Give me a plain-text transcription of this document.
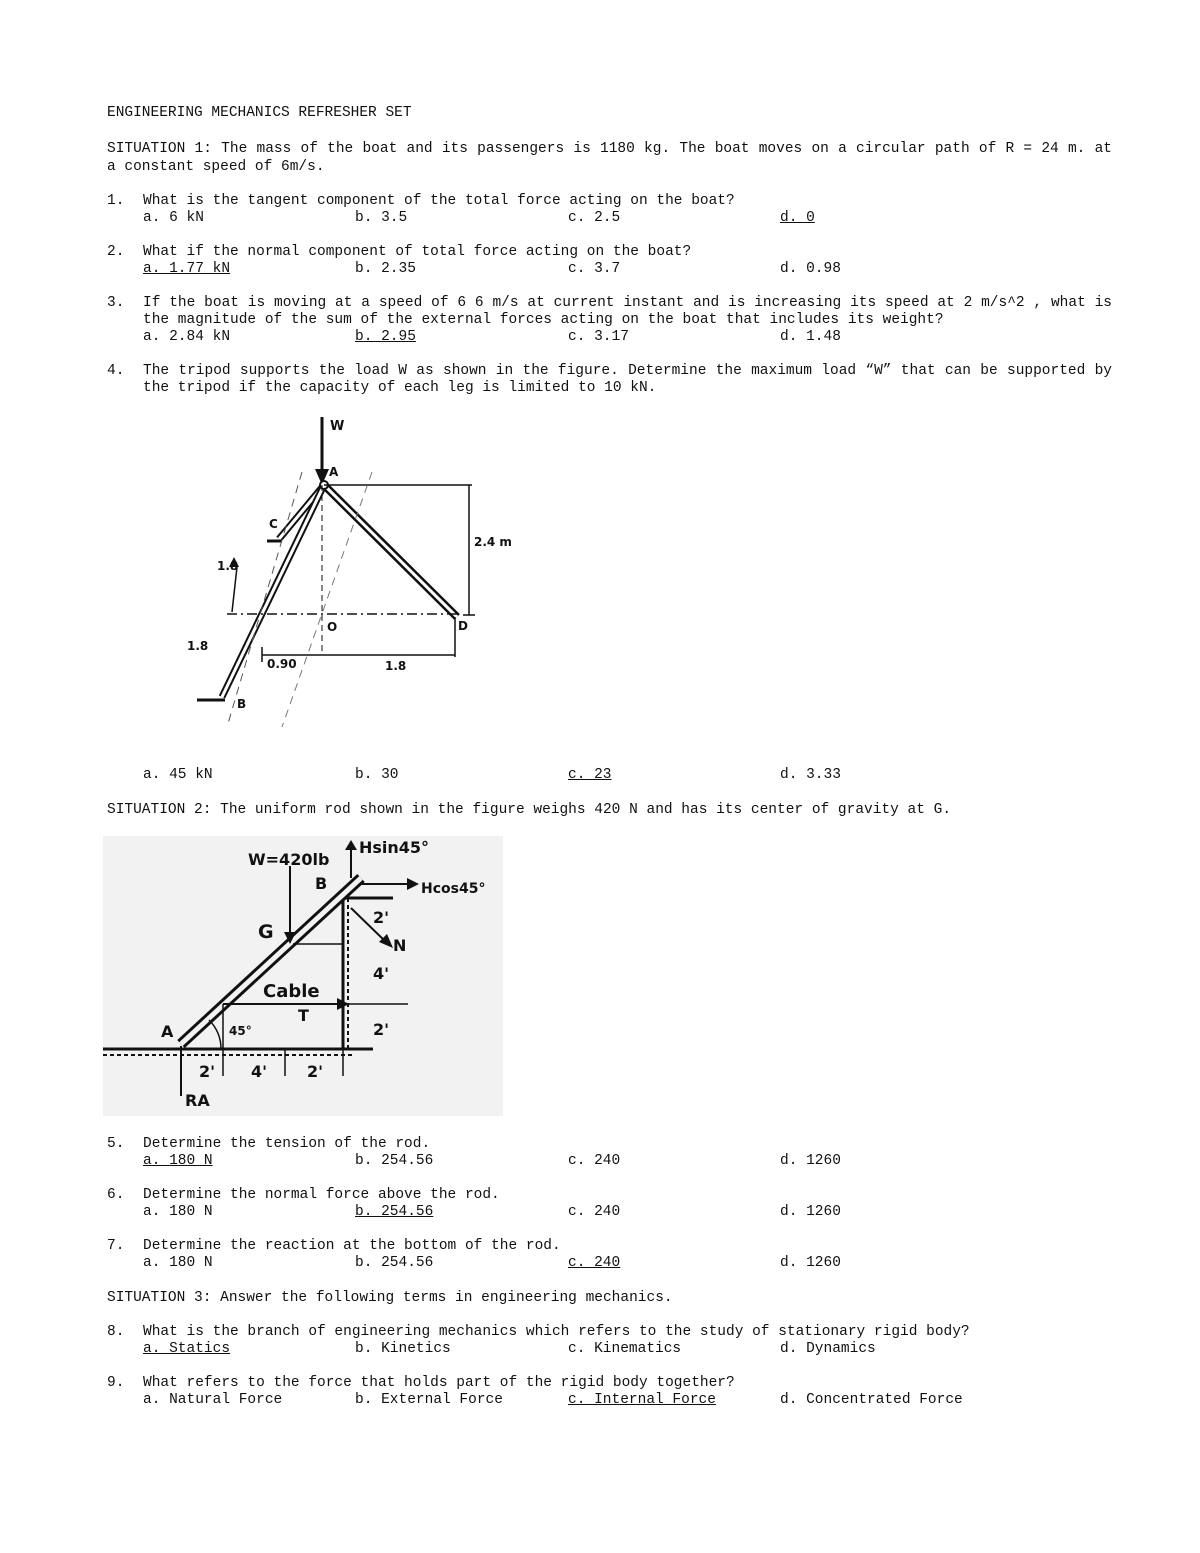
ENGINEERING MECHANICS REFRESHER SET
SITUATION 1: The mass of the boat and its passengers is 1180 kg. The boat moves on a circular path of R = 24 m. at a constant speed of 6m/s.
1.	What is the tangent component of the total force acting on the boat?
a. 6 kN	b. 3.5	c. 2.5	d. 0
2.	What if the normal component of total force acting on the boat?
a. 1.77 kN	b. 2.35	c. 3.7	d. 0.98
3.	If the boat is moving at a speed of 6 6 m/s at current instant and is increasing its speed at 2 m/s^2 , what is the magnitude of the sum of the external forces acting on the boat that includes its weight?
a. 2.84 kN	b. 2.95	c. 3.17	d. 1.48
4.	The tripod supports the load W as shown in the figure. Determine the maximum load “W” that can be supported by the tripod if the capacity of each leg is limited to 10 kN.
W
A
C
D
B
O
2.4 m
1.8
1.8
0.90	1.8
a. 45 kN	b. 30	c. 23	d. 3.33
SITUATION 2: The uniform rod shown in the figure weighs 420 N and has its center of gravity at G.
W=420lb
B
G
Cable
T
N
45°
Hsin45°
Hcos45°
RA
A
2' 4' 2'
2'
4'
2'
5.	Determine the tension of the rod.
a. 180 N	b. 254.56	c. 240	d. 1260
6.	Determine the normal force above the rod.
a. 180 N	b. 254.56	c. 240	d. 1260
7.	Determine the reaction at the bottom of the rod.
a. 180 N	b. 254.56	c. 240	d. 1260
SITUATION 3: Answer the following terms in engineering mechanics.
8.	What is the branch of engineering mechanics which refers to the study of stationary rigid body?
a. Statics	b. Kinetics	c. Kinematics	d. Dynamics
9.	What refers to the force that holds part of the rigid body together?
a. Natural Force	b. External Force	c. Internal Force	d. Concentrated Force
